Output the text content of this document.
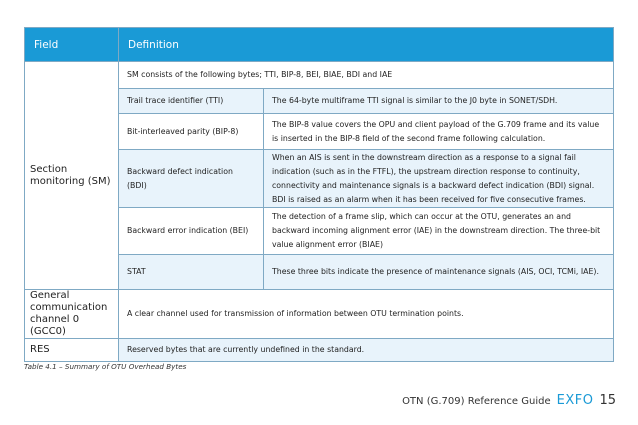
Field	Definition	
Section monitoring (SM)	SM consists of the following bytes; TTI, BIP-8, BEI, BIAE, BDI and IAE	
	Trail trace identifier (TTI)	The 64-byte multiframe TTI signal is similar to the J0 byte in SONET/SDH.
	Bit-interleaved parity (BIP-8)	The BIP-8 value covers the OPU and client payload of the G.709 frame and its value is inserted in the BIP-8 field of the second frame following calculation.
	Backward defect indication (BDI)	When an AIS is sent in the downstream direction as a response to a signal fail indication (such as in the FTFL), the upstream direction response to continuity, connectivity and maintenance signals is a backward defect indication (BDI) signal. BDI is raised as an alarm when it has been received for five consecutive frames.
	Backward error indication (BEI)	The detection of a frame slip, which can occur at the OTU, generates an and backward incoming alignment error (IAE) in the downstream direction. The three-bit value alignment error (BIAE)
	STAT	These three bits indicate the presence of maintenance signals (AIS, OCI, TCMi, IAE).
General communication channel 0 (GCC0)	A clear channel used for transmission of information between OTU termination points.	
RES	Reserved bytes that are currently undefined in the standard.	
Table 4.1 – Summary of OTU Overhead Bytes
OTN (G.709) Reference Guide EXFO 15
